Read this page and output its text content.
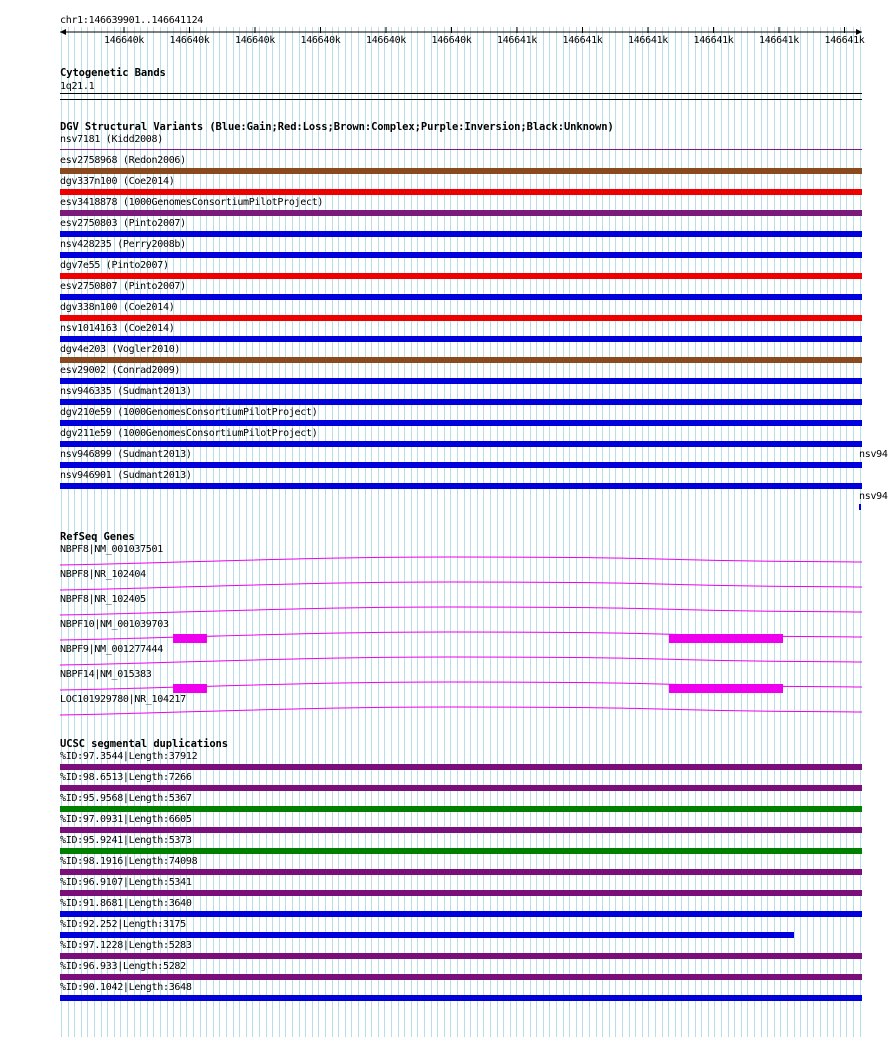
chr1:146639901..146641124
146640k	146640k	146640k	146640k	146640k	146640k	146641k	146641k	146641k	146641k	146641k	146641k
Cytogenetic Bands
1q21.1
DGV Structural Variants (Blue:Gain;Red:Loss;Brown:Complex;Purple:Inversion;Black:Unknown)
nsv7181 (Kidd2008)
esv2758968 (Redon2006)
dgv337n100 (Coe2014)
esv3418878 (1000GenomesConsortiumPilotProject)
esv2750803 (Pinto2007)
nsv428235 (Perry2008b)
dgv7e55 (Pinto2007)
esv2750807 (Pinto2007)
dgv338n100 (Coe2014)
nsv1014163 (Coe2014)
dgv4e203 (Vogler2010)
esv29002 (Conrad2009)
nsv946335 (Sudmant2013)
dgv210e59 (1000GenomesConsortiumPilotProject)
dgv211e59 (1000GenomesConsortiumPilotProject)
nsv946899 (Sudmant2013)
nsv946901 (Sudmant2013)
nsv94
nsv94
RefSeq Genes
NBPF8|NM_001037501
NBPF8|NR_102404
NBPF8|NR_102405
NBPF10|NM_001039703
NBPF9|NM_001277444
NBPF14|NM_015383
LOC101929780|NR_104217
UCSC segmental duplications
%ID:97.3544|Length:37912
%ID:98.6513|Length:7266
%ID:95.9568|Length:5367
%ID:97.0931|Length:6605
%ID:95.9241|Length:5373
%ID:98.1916|Length:74098
%ID:96.9107|Length:5341
%ID:91.8681|Length:3640
%ID:92.252|Length:3175
%ID:97.1228|Length:5283
%ID:96.933|Length:5282
%ID:90.1042|Length:3648
